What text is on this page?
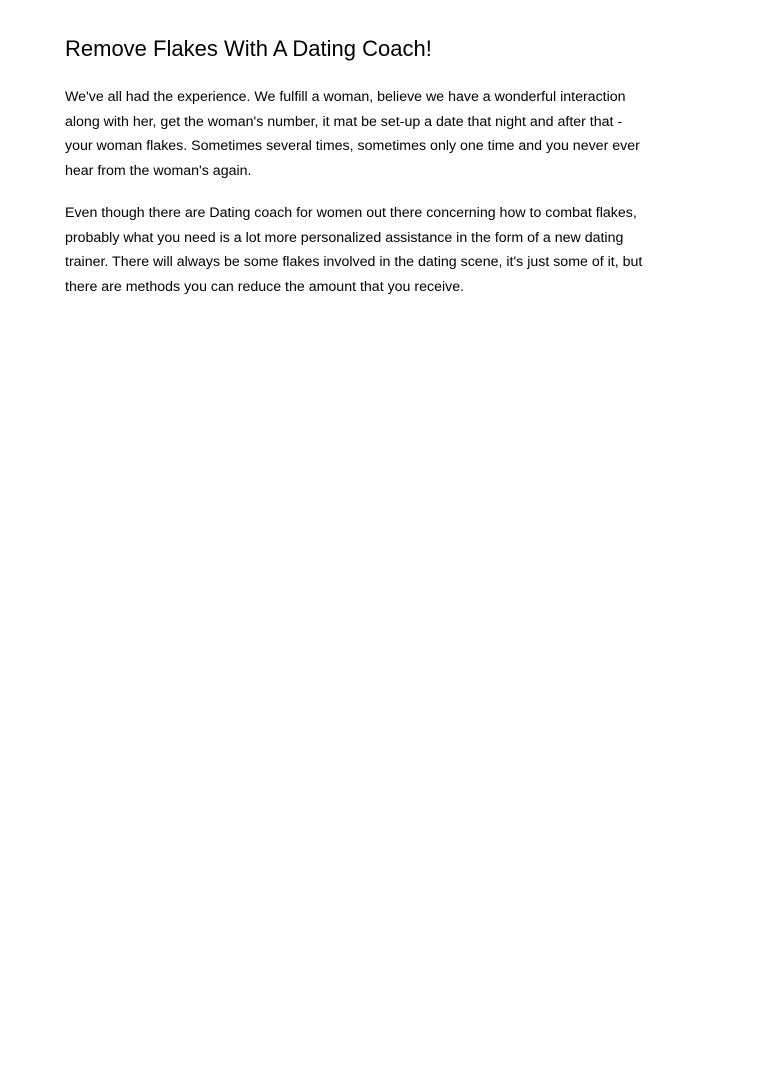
Remove Flakes With A Dating Coach!

We've all had the experience. We fulfill a woman, believe we have a wonderful interaction
along with her, get the woman's number, it mat be set-up a date that night and after that -
your woman flakes. Sometimes several times, sometimes only one time and you never ever
hear from the woman's again.

Even though there are Dating coach for women out there concerning how to combat flakes,
probably what you need is a lot more personalized assistance in the form of a new dating
trainer. There will always be some flakes involved in the dating scene, it's just some of it, but
there are methods you can reduce the amount that you receive.
